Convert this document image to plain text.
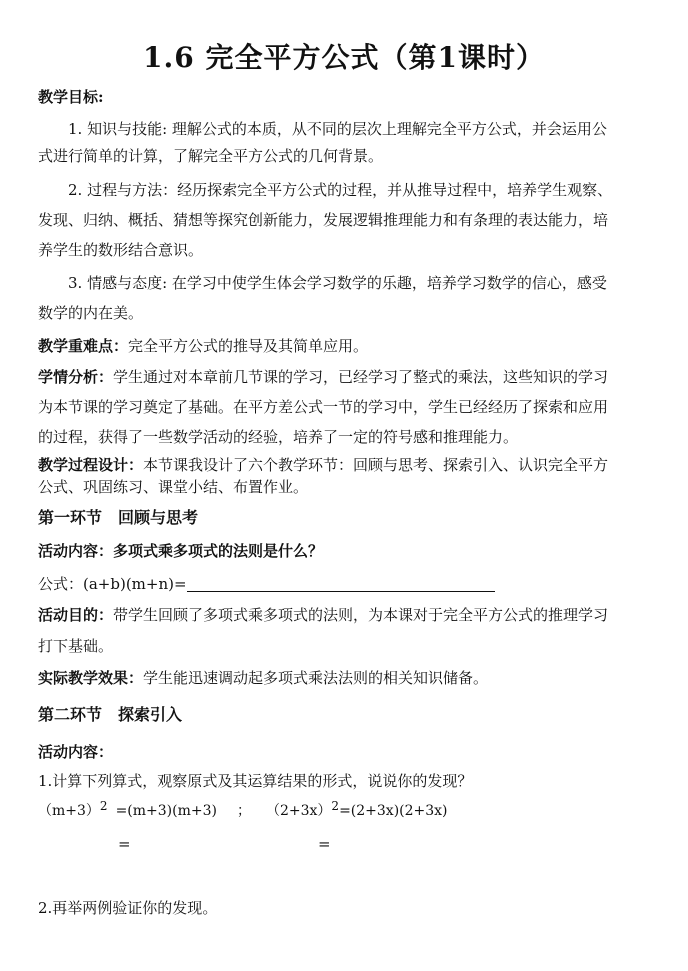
1.6 完全平方公式（第1课时）
教学目标:
1. 知识与技能: 理解公式的本质，从不同的层次上理解完全平方公式，并会运用公
式进行简单的计算，了解完全平方公式的几何背景。
2. 过程与方法：经历探索完全平方公式的过程，并从推导过程中，培养学生观察、
发现、归纳、概括、猜想等探究创新能力，发展逻辑推理能力和有条理的表达能力，培
养学生的数形结合意识。
3. 情感与态度: 在学习中使学生体会学习数学的乐趣，培养学习数学的信心，感受
数学的内在美。
教学重难点：完全平方公式的推导及其简单应用。
学情分析：学生通过对本章前几节课的学习，已经学习了整式的乘法，这些知识的学习
为本节课的学习奠定了基础。在平方差公式一节的学习中，学生已经经历了探索和应用
的过程，获得了一些数学活动的经验，培养了一定的符号感和推理能力。
教学过程设计：本节课我设计了六个教学环节：回顾与思考、探索引入、认识完全平方
公式、巩固练习、课堂小结、布置作业。
第一环节　回顾与思考
活动内容：多项式乘多项式的法则是什么？
公式：(a+b)(m+n)=
活动目的：带学生回顾了多项式乘多项式的法则，为本课对于完全平方公式的推理学习
打下基础。
实际教学效果：学生能迅速调动起多项式乘法法则的相关知识储备。
第二环节　探索引入
活动内容：
1.计算下列算式，观察原式及其运算结果的形式，说说你的发现？
（m+3）2 =(m+3)(m+3) ； （2+3x）2=(2+3x)(2+3x)
=	=
2.再举两例验证你的发现。
